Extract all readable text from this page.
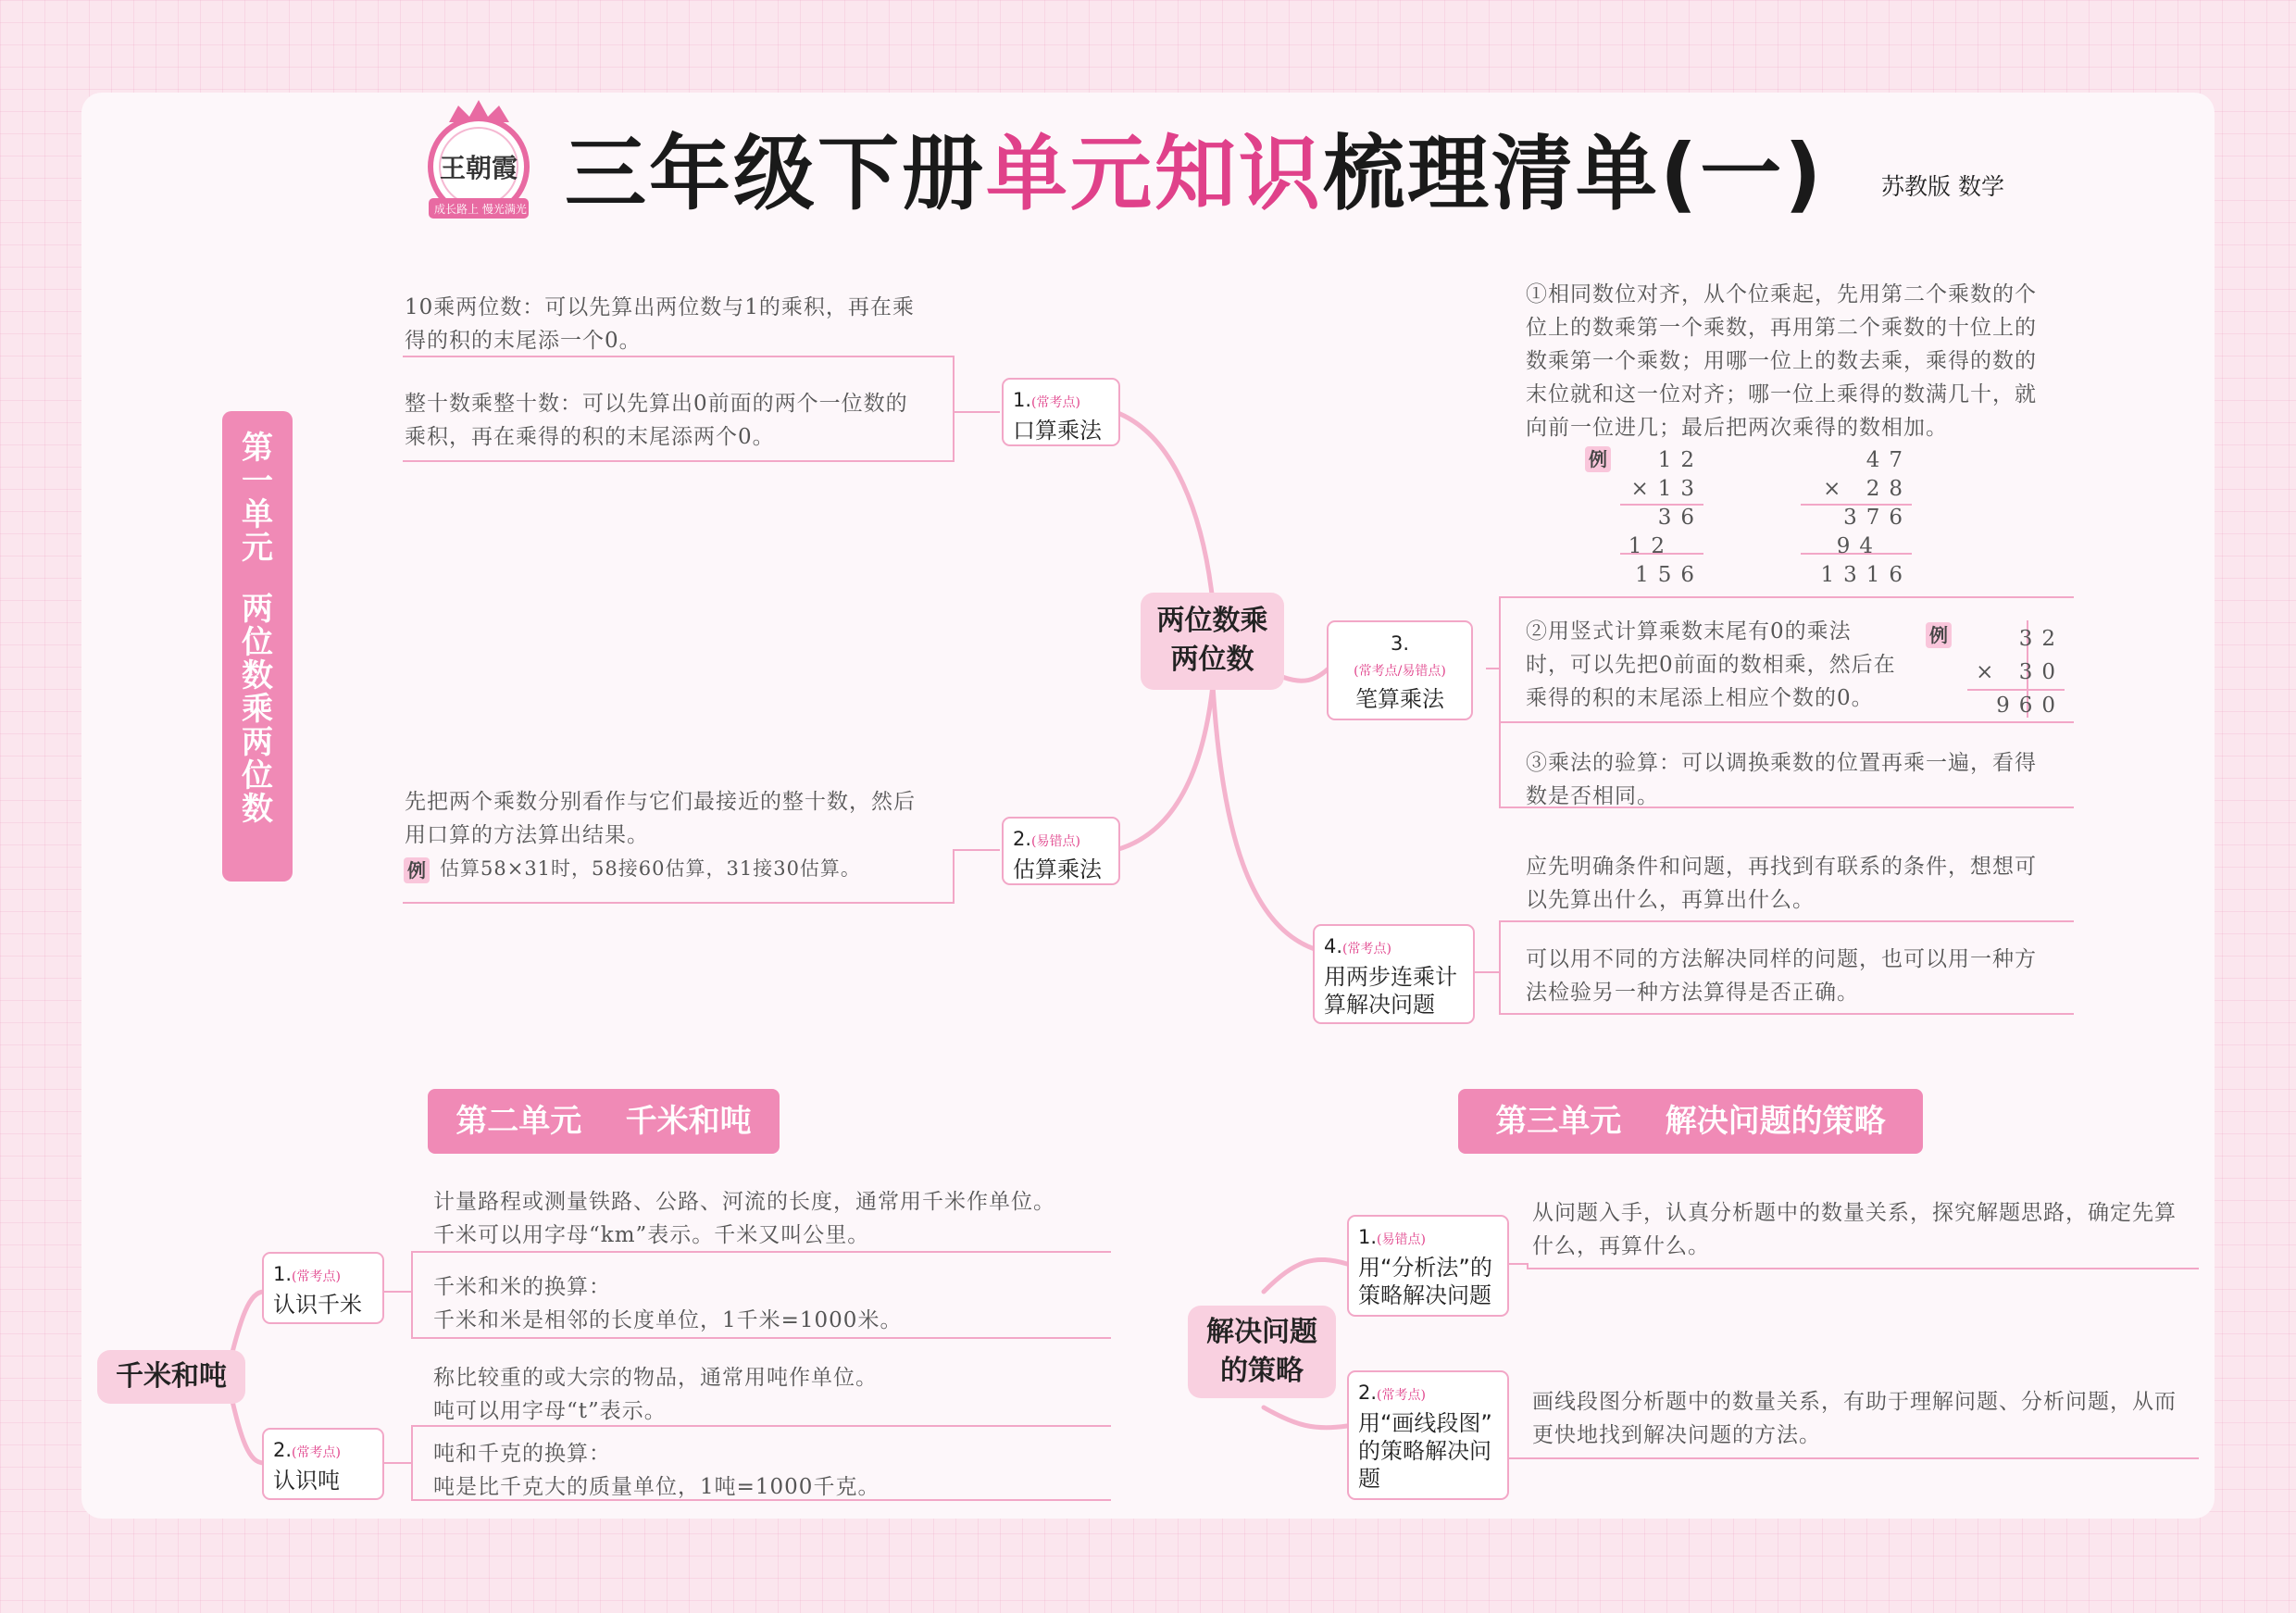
王朝霞
成长路上 慢光满光 三年级下册单元知识梳理清单(一) 苏教版 数学
第
一
单
元
两
位
数
乘
两
位
数
两位数乘
两位数
1.(常考点)
口算乘法
2.(易错点)
估算乘法
3.
(常考点/易错点)
笔算乘法
4.(常考点)
用两步连乘计
算解决问题
10乘两位数：可以先算出两位数与1的乘积，再在乘
得的积的末尾添一个0。
整十数乘整十数：可以先算出0前面的两个一位数的
乘积，再在乘得的积的末尾添两个0。
先把两个乘数分别看作与它们最接近的整十数，然后
用口算的方法算出结果。
估算58×31时，58接60估算，31接30估算。
例
①相同数位对齐，从个位乘起，先用第二个乘数的个
位上的数乘第一个乘数，再用第二个乘数的十位上的
数乘第一个乘数；用哪一位上的数去乘，乘得的数的
末位就和这一位对齐；哪一位上乘得的数满几十，就
向前一位进几；最后把两次乘得的数相加。
例	12
×13
36
12
156
47
× 28
376
94
1316
②用竖式计算乘数末尾有0的乘法
时，可以先把0前面的数相乘，然后在
乘得的积的末尾添上相应个数的0。
例	32
× 30
960
③乘法的验算：可以调换乘数的位置再乘一遍，看得
数是否相同。
应先明确条件和问题，再找到有联系的条件，想想可
以先算出什么，再算出什么。
可以用不同的方法解决同样的问题，也可以用一种方
法检验另一种方法算得是否正确。
第二单元    千米和吨
千米和吨
1.(常考点)
认识千米
2.(常考点)
认识吨
计量路程或测量铁路、公路、河流的长度，通常用千米作单位。
千米可以用字母“km”表示。千米又叫公里。
千米和米的换算：
千米和米是相邻的长度单位，1千米=1000米。
称比较重的或大宗的物品，通常用吨作单位。
吨可以用字母“t”表示。
吨和千克的换算：
吨是比千克大的质量单位，1吨=1000千克。
第三单元    解决问题的策略
解决问题
的策略
1.(易错点)
用“分析法”的
策略解决问题
2.(常考点)
用“画线段图”
的策略解决问
题
从问题入手，认真分析题中的数量关系，探究解题思路，确定先算
什么，再算什么。
画线段图分析题中的数量关系，有助于理解问题、分析问题，从而
更快地找到解决问题的方法。
